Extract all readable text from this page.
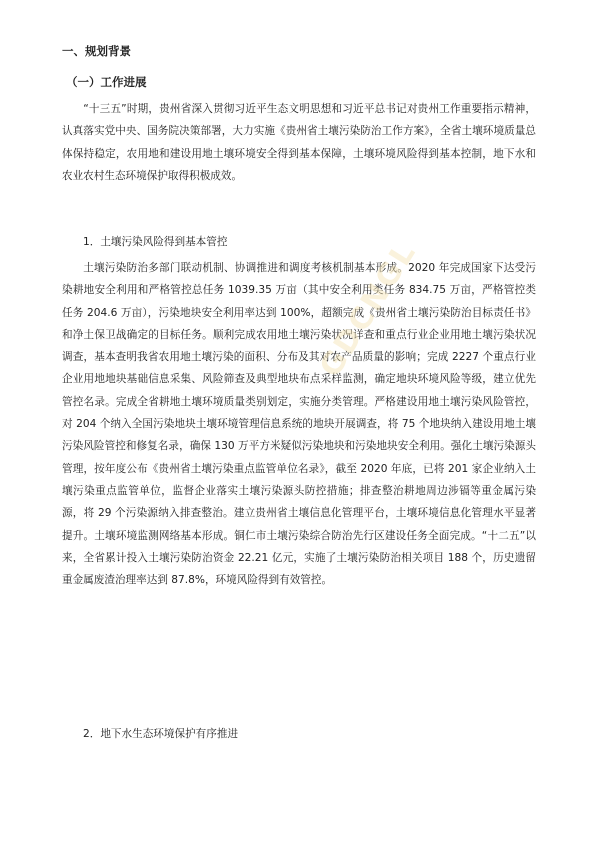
一、规划背景
（一）工作进展

“十三五”时期，贵州省深入贯彻习近平生态文明思想和习近平总书记对贵州工作重要指示精神，认真落实党中央、国务院决策部署，大力实施《贵州省土壤污染防治工作方案》，全省土壤环境质量总体保持稳定，农用地和建设用地土壤环境安全得到基本保障，土壤环境风险得到基本控制，地下水和农业农村生态环境保护取得积极成效。

1．土壤污染风险得到基本管控

土壤污染防治多部门联动机制、协调推进和调度考核机制基本形成。2020 年完成国家下达受污染耕地安全利用和严格管控总任务 1039.35 万亩（其中安全利用类任务 834.75 万亩，严格管控类任务 204.6 万亩），污染地块安全利用率达到 100%，超额完成《贵州省土壤污染防治目标责任书》和净土保卫战确定的目标任务。顺利完成农用地土壤污染状况详查和重点行业企业用地土壤污染状况调查，基本查明我省农用地土壤污染的面积、分布及其对农产品质量的影响；完成 2227 个重点行业企业用地地块基础信息采集、风险筛查及典型地块布点采样监测，确定地块环境风险等级，建立优先管控名录。完成全省耕地土壤环境质量类别划定，实施分类管理。严格建设用地土壤污染风险管控，对 204 个纳入全国污染地块土壤环境管理信息系统的地块开展调查，将 75 个地块纳入建设用地土壤污染风险管控和修复名录，确保 130 万平方米疑似污染地块和污染地块安全利用。强化土壤污染源头管理，按年度公布《贵州省土壤污染重点监管单位名录》，截至 2020 年底，已将 201 家企业纳入土壤污染重点监管单位，监督企业落实土壤污染源头防控措施；排查整治耕地周边涉镉等重金属污染源，将 29 个污染源纳入排查整治。建立贵州省土壤信息化管理平台，土壤环境信息化管理水平显著提升。土壤环境监测网络基本形成。铜仁市土壤污染综合防治先行区建设任务全面完成。“十二五”以来，全省累计投入土壤污染防治资金 22.21 亿元，实施了土壤污染防治相关项目 188 个，历史遗留重金属废渣治理率达到 87.8%，环境风险得到有效管控。

2．地下水生态环境保护有序推进
GDCNGL
